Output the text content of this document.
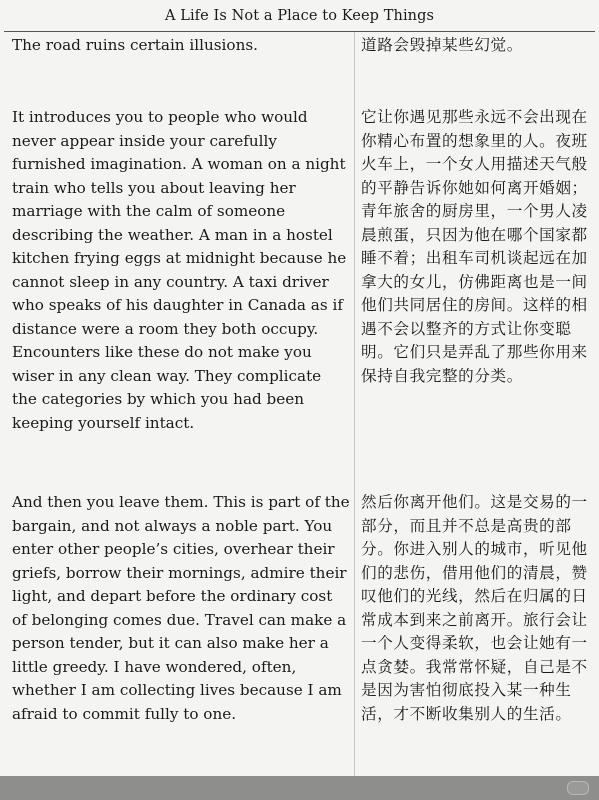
A Life Is Not a Place to Keep Things

The road ruins certain illusions.	道路会毁掉某些幻觉。

It introduces you to people who would never appear inside your carefully furnished imagination. A woman on a night train who tells you about leaving her marriage with the calm of someone describing the weather. A man in a hostel kitchen frying eggs at midnight because he cannot sleep in any country. A taxi driver who speaks of his daughter in Canada as if distance were a room they both occupy. Encounters like these do not make you wiser in any clean way. They complicate the categories by which you had been keeping yourself intact.

它让你遇见那些永远不会出现在你精心布置的想象里的人。夜班火车上，一个女人用描述天气般的平静告诉你她如何离开婚姻；青年旅舍的厨房里，一个男人凌晨煎蛋，只因为他在哪个国家都睡不着；出租车司机谈起远在加拿大的女儿，仿佛距离也是一间他们共同居住的房间。这样的相遇不会以整齐的方式让你变聪明。它们只是弄乱了那些你用来保持自我完整的分类。

And then you leave them. This is part of the bargain, and not always a noble part. You enter other people’s cities, overhear their griefs, borrow their mornings, admire their light, and depart before the ordinary cost of belonging comes due. Travel can make a person tender, but it can also make her a little greedy. I have wondered, often, whether I am collecting lives because I am afraid to commit fully to one.

然后你离开他们。这是交易的一部分，而且并不总是高贵的部分。你进入别人的城市，听见他们的悲伤，借用他们的清晨，赞叹他们的光线，然后在归属的日常成本到来之前离开。旅行会让一个人变得柔软，也会让她有一点贪婪。我常常怀疑，自己是不是因为害怕彻底投入某一种生活，才不断收集别人的生活。
